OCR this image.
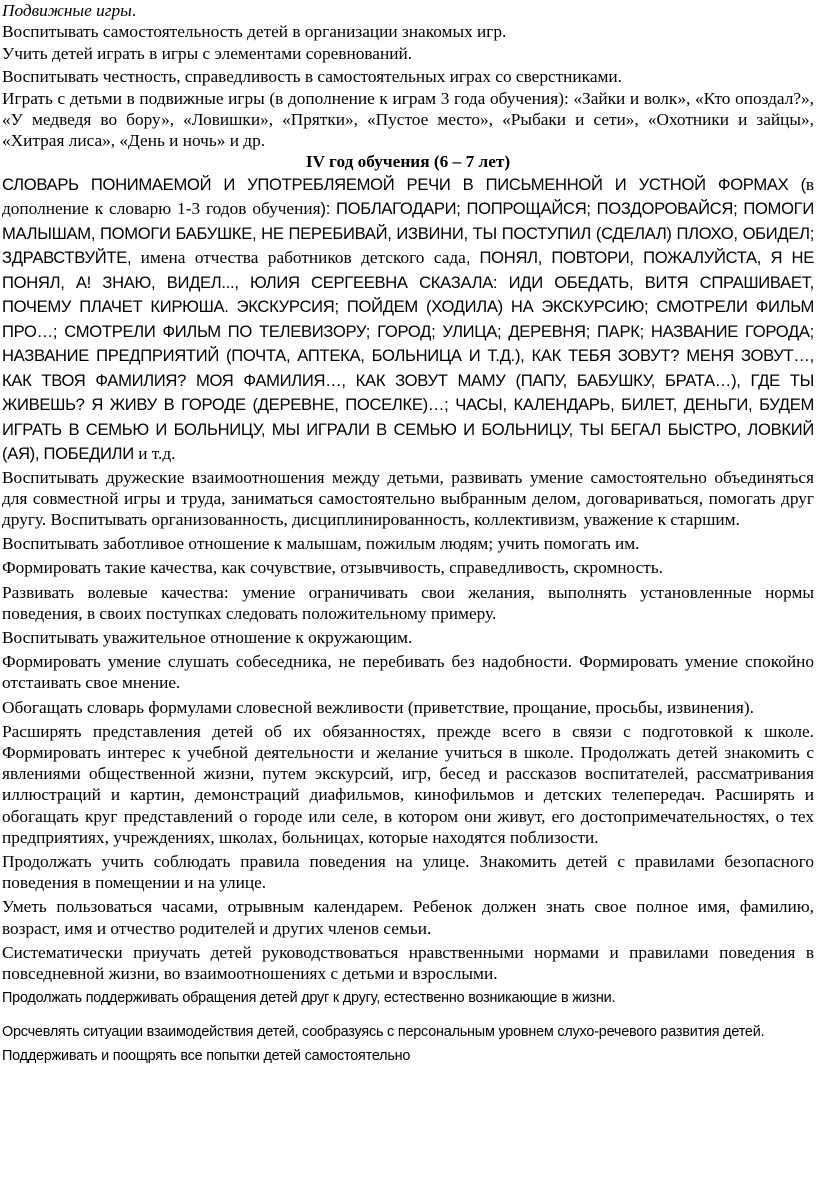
Подвижные игры.

Воспитывать самостоятельность детей в организации знакомых игр.

Учить детей играть в игры с элементами соревнований.

Воспитывать честность, справедливость в самостоятельных играх со сверстниками.

Играть с детьми в подвижные игры (в дополнение к играм 3 года обучения): «Зайки и волк», «Кто опоздал?», «У медведя во бору», «Ловишки», «Прятки», «Пустое место», «Рыбаки и сети», «Охотники и зайцы», «Хитрая лиса», «День и ночь» и др.

IV год обучения (6 – 7 лет)

СЛОВАРЬ ПОНИМАЕМОЙ И УПОТРЕБЛЯЕМОЙ РЕЧИ В ПИСЬМЕННОЙ И УСТНОЙ ФОРМАХ (в дополнение к словарю 1-3 годов обучения): ПОБЛАГОДАРИ; ПОПРОЩАЙСЯ; ПОЗДОРОВАЙСЯ; ПОМОГИ МАЛЫШАМ, ПОМОГИ БАБУШКЕ, НЕ ПЕРЕБИВАЙ, ИЗВИНИ, ТЫ ПОСТУПИЛ (СДЕЛАЛ) ПЛОХО, ОБИДЕЛ; ЗДРАВСТВУЙТЕ, имена отчества работников детского сада, ПОНЯЛ, ПОВТОРИ, ПОЖАЛУЙСТА, Я НЕ ПОНЯЛ, А! ЗНАЮ, ВИДЕЛ..., ЮЛИЯ СЕРГЕЕВНА СКАЗАЛА: ИДИ ОБЕДАТЬ, ВИТЯ СПРАШИВАЕТ, ПОЧЕМУ ПЛАЧЕТ КИРЮША. ЭКСКУРСИЯ; ПОЙДЕМ (ХОДИЛА) НА ЭКСКУРСИЮ; СМОТРЕЛИ ФИЛЬМ ПРО…; СМОТРЕЛИ ФИЛЬМ ПО ТЕЛЕВИЗОРУ; ГОРОД; УЛИЦА; ДЕРЕВНЯ; ПАРК; НАЗВАНИЕ ГОРОДА; НАЗВАНИЕ ПРЕДПРИЯТИЙ (ПОЧТА, АПТЕКА, БОЛЬНИЦА И Т.Д.), КАК ТЕБЯ ЗОВУТ? МЕНЯ ЗОВУТ…, КАК ТВОЯ ФАМИЛИЯ? МОЯ ФАМИЛИЯ…, КАК ЗОВУТ МАМУ (ПАПУ, БАБУШКУ, БРАТА…), ГДЕ ТЫ ЖИВЕШЬ? Я ЖИВУ В ГОРОДЕ (ДЕРЕВНЕ, ПОСЕЛКЕ)…; ЧАСЫ, КАЛЕНДАРЬ, БИЛЕТ, ДЕНЬГИ, БУДЕМ ИГРАТЬ В СЕМЬЮ И БОЛЬНИЦУ, МЫ ИГРАЛИ В СЕМЬЮ И БОЛЬНИЦУ, ТЫ БЕГАЛ БЫСТРО, ЛОВКИЙ (АЯ), ПОБЕДИЛИ и т.д.

Воспитывать дружеские взаимоотношения между детьми, развивать умение самостоятельно объединяться для совместной игры и труда, заниматься самостоятельно выбранным делом, договариваться, помогать друг другу. Воспитывать организованность, дисциплинированность, коллективизм, уважение к старшим.

Воспитывать заботливое отношение к малышам, пожилым людям; учить помогать им.

Формировать такие качества, как сочувствие, отзывчивость, справедливость, скромность.

Развивать волевые качества: умение ограничивать свои желания, выполнять установленные нормы поведения, в своих поступках следовать положительному примеру.

Воспитывать уважительное отношение к окружающим.

Формировать умение слушать собеседника, не перебивать без надобности. Формировать умение спокойно отстаивать свое мнение.

Обогащать словарь формулами словесной вежливости (приветствие, прощание, просьбы, извинения).

Расширять представления детей об их обязанностях, прежде всего в связи с подготовкой к школе. Формировать интерес к учебной деятельности и желание учиться в школе. Продолжать детей знакомить с явлениями общественной жизни, путем экскурсий, игр, бесед и рассказов воспитателей, рассматривания иллюстраций и картин, демонстраций диафильмов, кинофильмов и детских телепередач. Расширять и обогащать круг представлений о городе или селе, в котором они живут, его достопримечательностях, о тех предприятиях, учреждениях, школах, больницах, которые находятся поблизости.

Продолжать учить соблюдать правила поведения на улице. Знакомить детей с правилами безопасного поведения в помещении и на улице.

Уметь пользоваться часами, отрывным календарем. Ребенок должен знать свое полное имя, фамилию, возраст, имя и отчество родителей и других членов семьи.

Систематически приучать детей руководствоваться нравственными нормами и правилами поведения в повседневной жизни, во взаимоотношениях с детьми и взрослыми.

Продолжать поддерживать обращения детей друг к другу, естественно возникающие в жизни.

Орсчевлять ситуации взаимодействия детей, сообразуясь с персональным уровнем слухо-речевого развития детей. Поддерживать и поощрять все попытки детей самостоятельно
